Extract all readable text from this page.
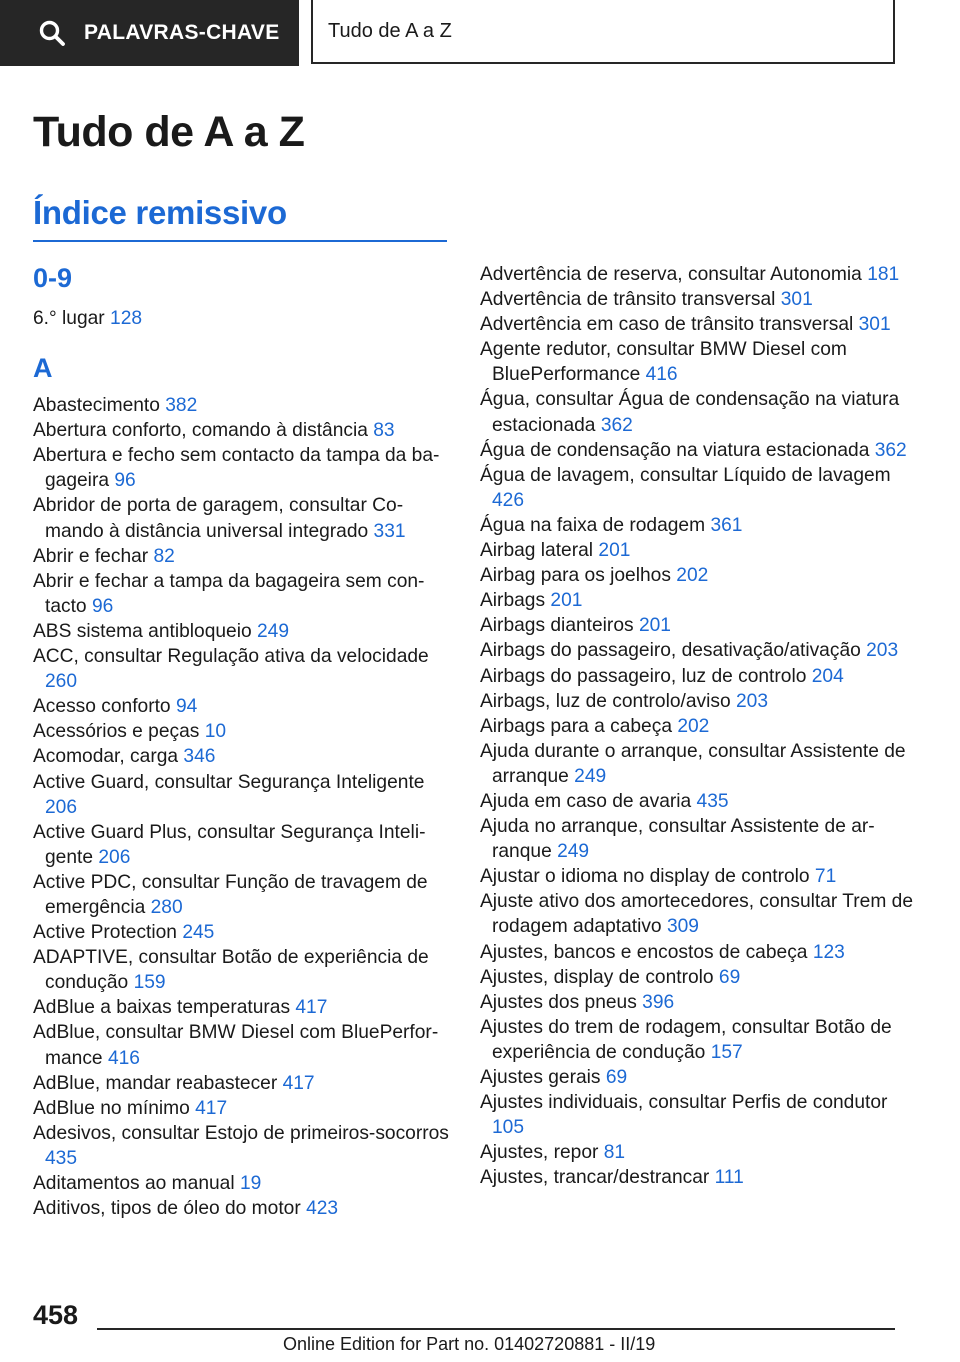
PALAVRAS-CHAVE Tudo de A a Z
Tudo de A a Z
Índice remissivo
0-9
6.° lugar 128
A
Abastecimento 382
Abertura conforto, comando à distância 83
Abertura e fecho sem contacto da tampa da bagageira 96
Abridor de porta de garagem, consultar Comando à distância universal integrado 331
Abrir e fechar 82
Abrir e fechar a tampa da bagageira sem contacto 96
ABS sistema antibloqueio 249
ACC, consultar Regulação ativa da velocidade 260
Acesso conforto 94
Acessórios e peças 10
Acomodar, carga 346
Active Guard, consultar Segurança Inteligente 206
Active Guard Plus, consultar Segurança Inteligente 206
Active PDC, consultar Função de travagem de emergência 280
Active Protection 245
ADAPTIVE, consultar Botão de experiência de condução 159
AdBlue a baixas temperaturas 417
AdBlue, consultar BMW Diesel com BluePerformance 416
AdBlue, mandar reabastecer 417
AdBlue no mínimo 417
Adesivos, consultar Estojo de primeiros-socorros 435
Aditamentos ao manual 19
Aditivos, tipos de óleo do motor 423
Advertência de reserva, consultar Autonomia 181
Advertência de trânsito transversal 301
Advertência em caso de trânsito transversal 301
Agente redutor, consultar BMW Diesel com BluePerformance 416
Água, consultar Água de condensação na viatura estacionada 362
Água de condensação na viatura estacionada 362
Água de lavagem, consultar Líquido de lavagem 426
Água na faixa de rodagem 361
Airbag lateral 201
Airbag para os joelhos 202
Airbags 201
Airbags dianteiros 201
Airbags do passageiro, desativação/ativação 203
Airbags do passageiro, luz de controlo 204
Airbags, luz de controlo/aviso 203
Airbags para a cabeça 202
Ajuda durante o arranque, consultar Assistente de arranque 249
Ajuda em caso de avaria 435
Ajuda no arranque, consultar Assistente de arranque 249
Ajustar o idioma no display de controlo 71
Ajuste ativo dos amortecedores, consultar Trem de rodagem adaptativo 309
Ajustes, bancos e encostos de cabeça 123
Ajustes, display de controlo 69
Ajustes dos pneus 396
Ajustes do trem de rodagem, consultar Botão de experiência de condução 157
Ajustes gerais 69
Ajustes individuais, consultar Perfis de condutor 105
Ajustes, repor 81
Ajustes, trancar/destrancar 111
458
Online Edition for Part no. 01402720881 - II/19
